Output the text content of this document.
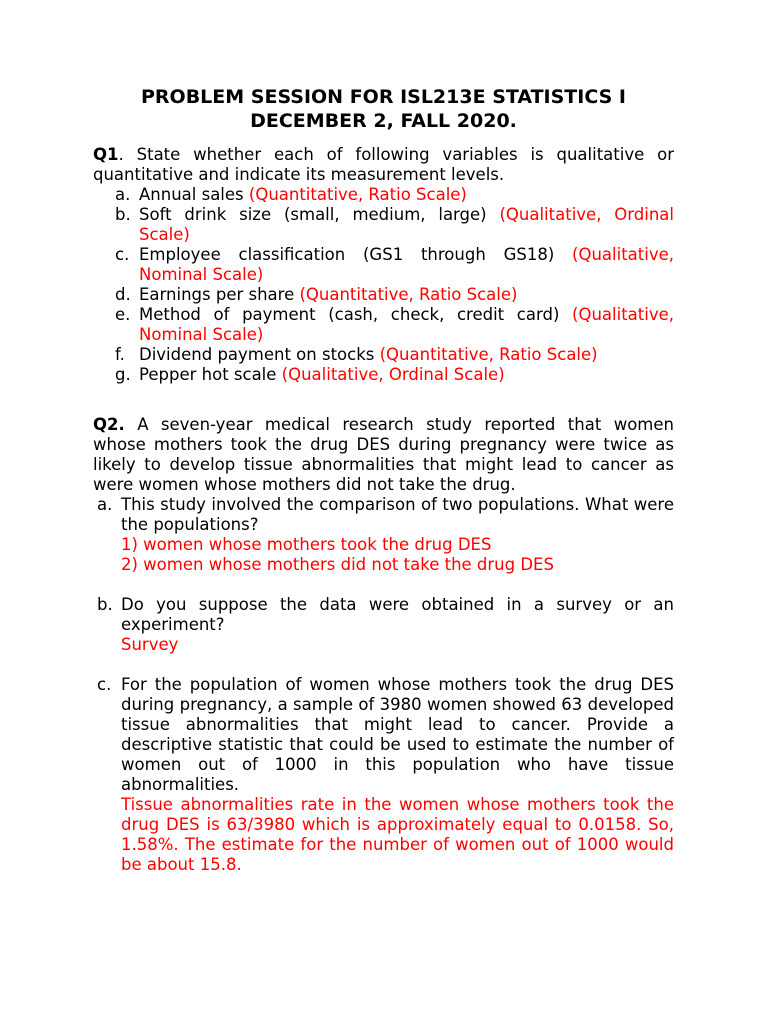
PROBLEM SESSION FOR ISL213E STATISTICS I
DECEMBER 2, FALL 2020.

Q1. State whether each of following variables is qualitative or quantitative and indicate its measurement levels.

a. Annual sales (Quantitative, Ratio Scale)
b. Soft drink size (small, medium, large) (Qualitative, Ordinal Scale)
c. Employee classification (GS1 through GS18) (Qualitative, Nominal Scale)
d. Earnings per share (Quantitative, Ratio Scale)
e. Method of payment (cash, check, credit card) (Qualitative, Nominal Scale)
f. Dividend payment on stocks (Quantitative, Ratio Scale)
g. Pepper hot scale (Qualitative, Ordinal Scale)

Q2. A seven-year medical research study reported that women whose mothers took the drug DES during pregnancy were twice as likely to develop tissue abnormalities that might lead to cancer as were women whose mothers did not take the drug.

a. This study involved the comparison of two populations. What were the populations?
1) women whose mothers took the drug DES
2) women whose mothers did not take the drug DES
b. Do you suppose the data were obtained in a survey or an experiment?
Survey
c. For the population of women whose mothers took the drug DES during pregnancy, a sample of 3980 women showed 63 developed tissue abnormalities that might lead to cancer. Provide a descriptive statistic that could be used to estimate the number of women out of 1000 in this population who have tissue abnormalities.
Tissue abnormalities rate in the women whose mothers took the drug DES is 63/3980 which is approximately equal to 0.0158. So, 1.58%. The estimate for the number of women out of 1000 would be about 15.8.
